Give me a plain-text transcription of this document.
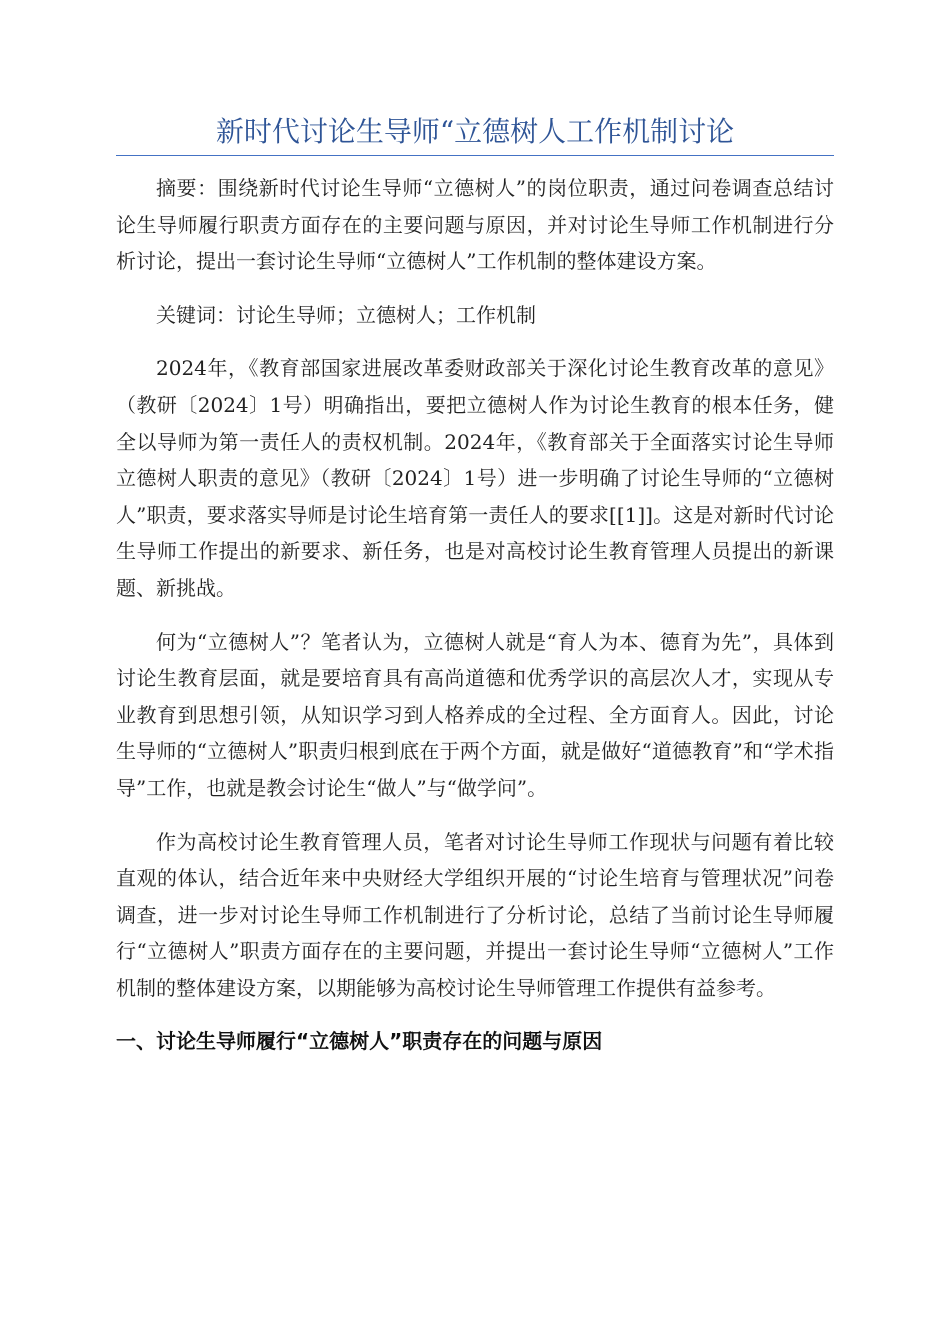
新时代讨论生导师“立德树人工作机制讨论

摘要：围绕新时代讨论生导师“立德树人”的岗位职责，通过问卷调查总结讨论生导师履行职责方面存在的主要问题与原因，并对讨论生导师工作机制进行分析讨论，提出一套讨论生导师“立德树人”工作机制的整体建设方案。

关键词：讨论生导师；立德树人；工作机制

2024年，《教育部国家进展改革委财政部关于深化讨论生教育改革的意见》（教研〔2024〕1号）明确指出，要把立德树人作为讨论生教育的根本任务，健全以导师为第一责任人的责权机制。2024年，《教育部关于全面落实讨论生导师立德树人职责的意见》（教研〔2024〕1号）进一步明确了讨论生导师的“立德树人”职责，要求落实导师是讨论生培育第一责任人的要求[[1]]。这是对新时代讨论生导师工作提出的新要求、新任务，也是对高校讨论生教育管理人员提出的新课题、新挑战。

何为“立德树人”？笔者认为，立德树人就是“育人为本、德育为先”，具体到讨论生教育层面，就是要培育具有高尚道德和优秀学识的高层次人才，实现从专业教育到思想引领，从知识学习到人格养成的全过程、全方面育人。因此，讨论生导师的“立德树人”职责归根到底在于两个方面，就是做好“道德教育”和“学术指导”工作，也就是教会讨论生“做人”与“做学问”。

作为高校讨论生教育管理人员，笔者对讨论生导师工作现状与问题有着比较直观的体认，结合近年来中央财经大学组织开展的“讨论生培育与管理状况”问卷调查，进一步对讨论生导师工作机制进行了分析讨论，总结了当前讨论生导师履行“立德树人”职责方面存在的主要问题，并提出一套讨论生导师“立德树人”工作机制的整体建设方案，以期能够为高校讨论生导师管理工作提供有益参考。

一、讨论生导师履行“立德树人”职责存在的问题与原因
